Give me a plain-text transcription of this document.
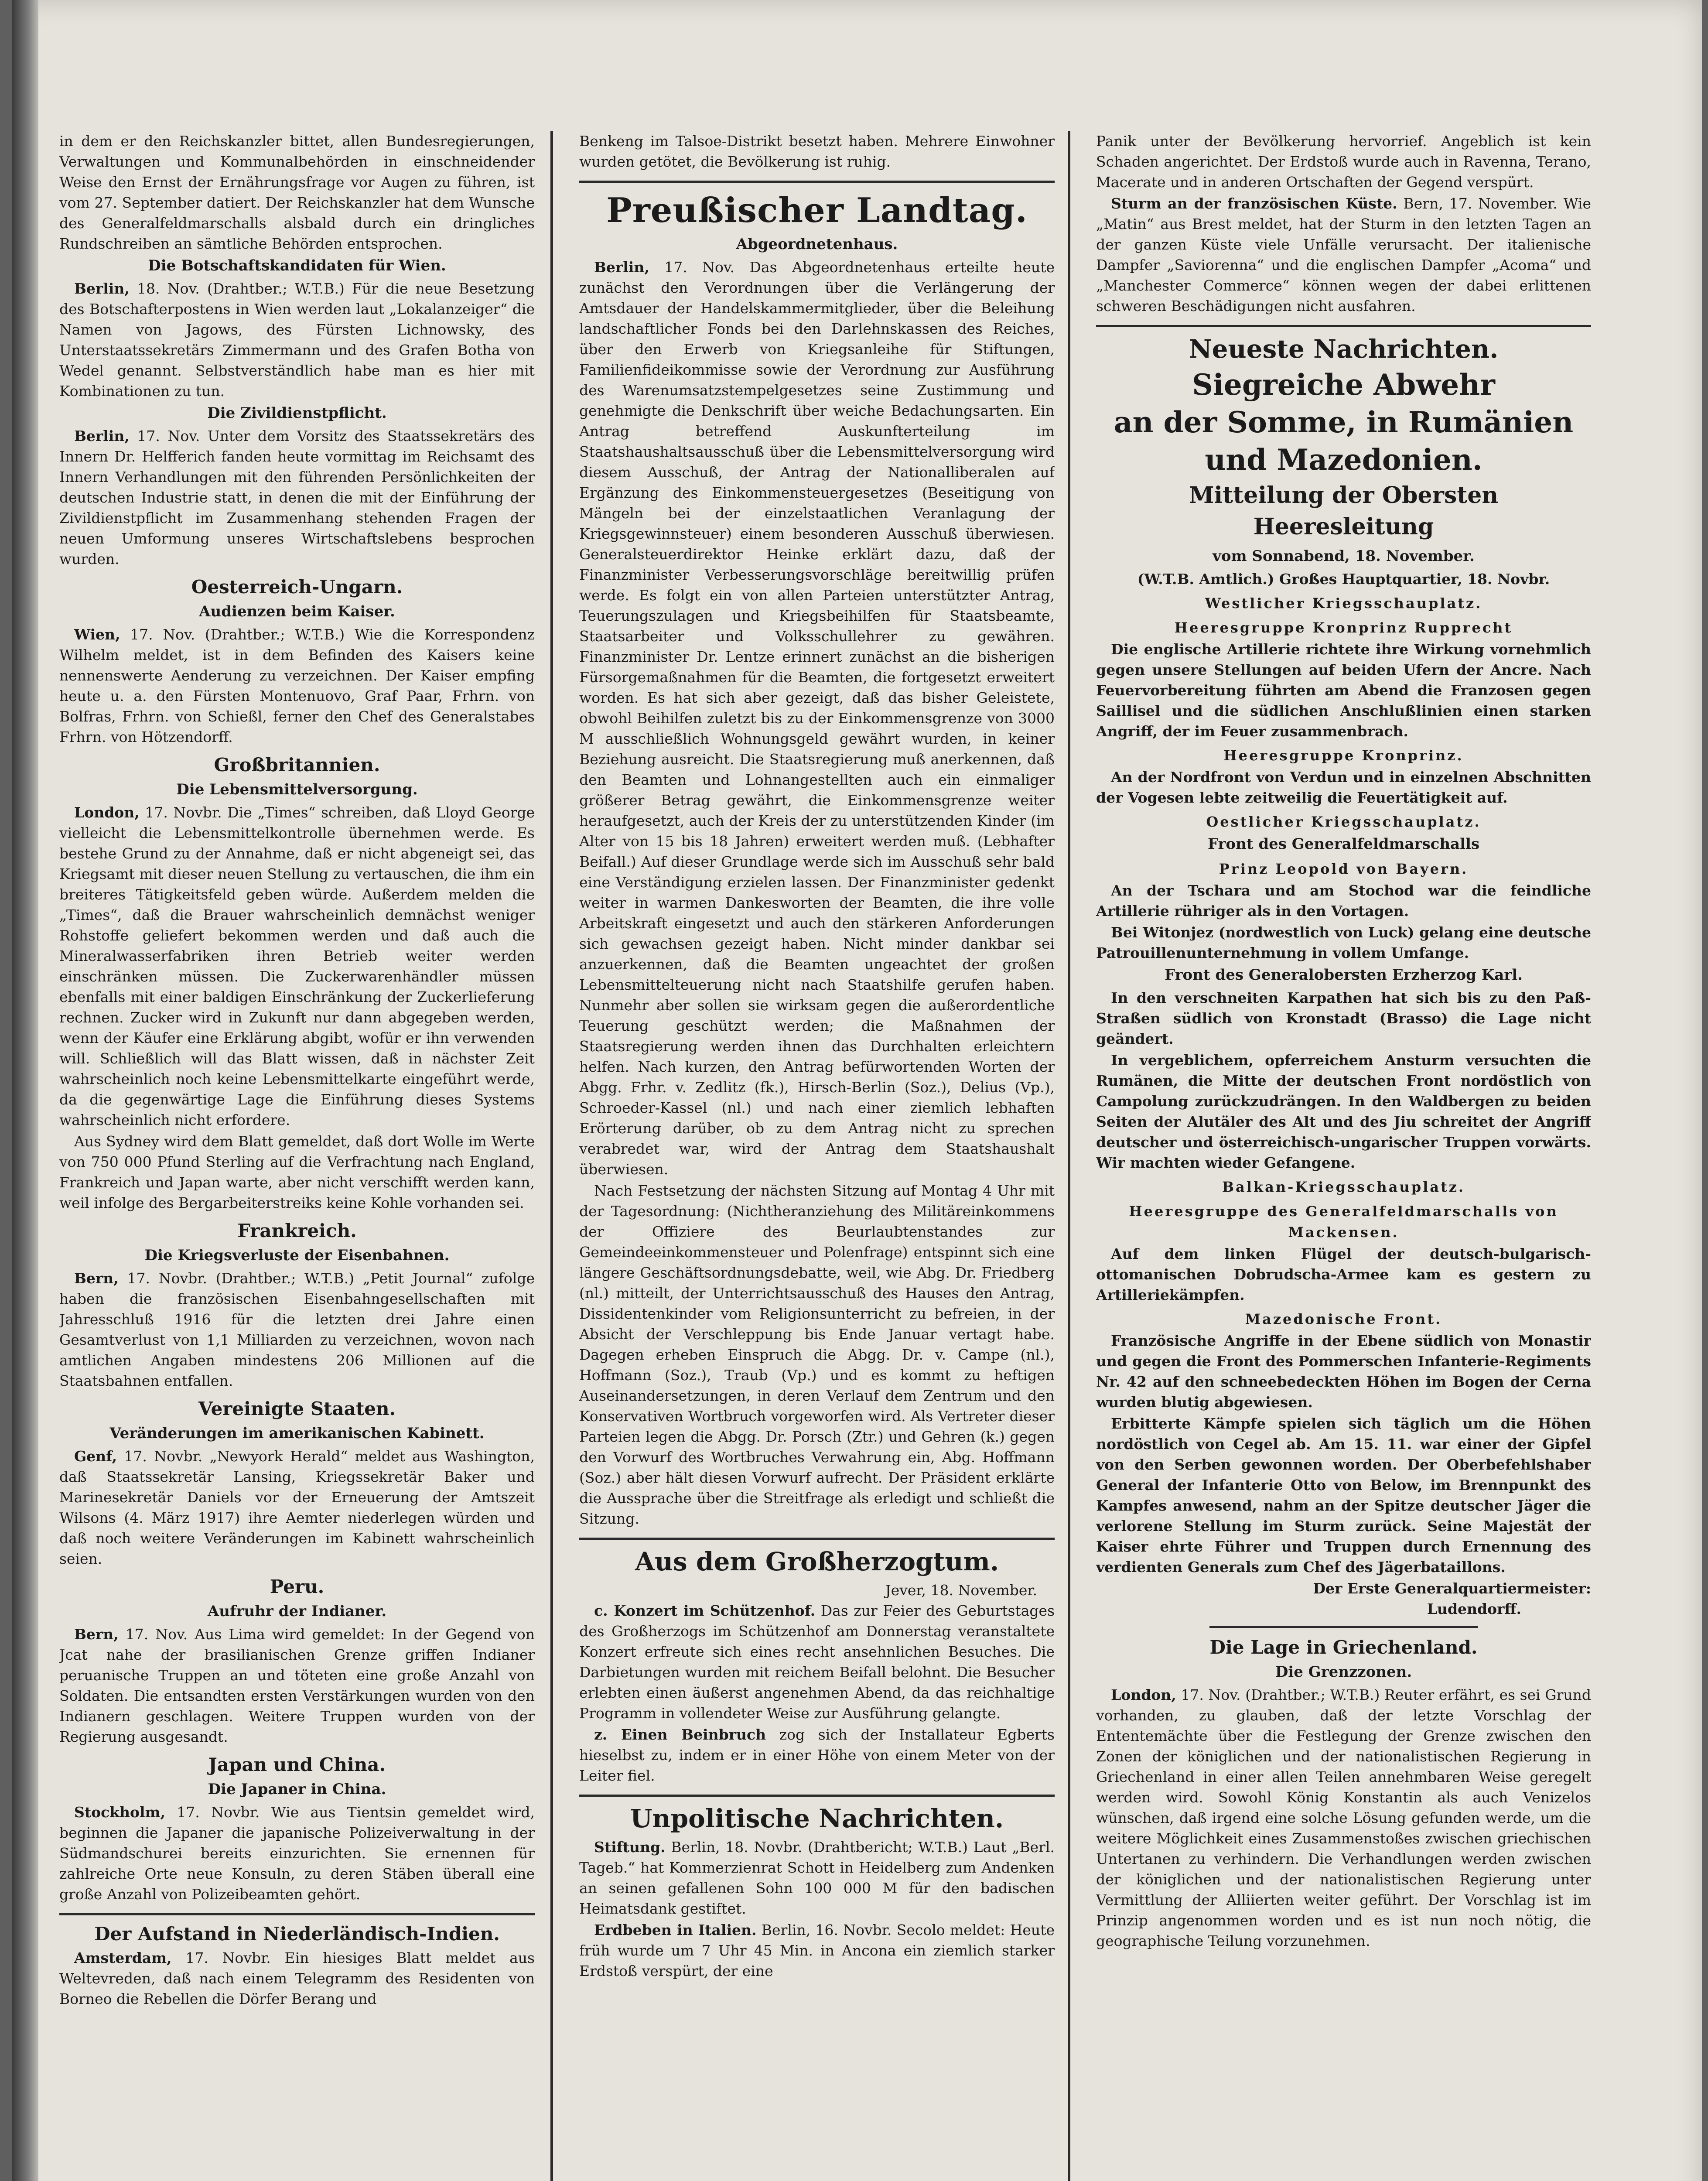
in dem er den Reichskanzler bittet, allen Bundesregierungen, Verwaltungen und Kommunalbehörden in einschneidender Weise den Ernst der Ernährungsfrage vor Augen zu führen, ist vom 27. September datiert. Der Reichskanzler hat dem Wunsche des Generalfeldmarschalls alsbald durch ein dringliches Rundschreiben an sämtliche Behörden entsprochen.

Die Botschaftskandidaten für Wien.

Berlin, 18. Nov. (Drahtber.; W.T.B.) Für die neue Besetzung des Botschafterpostens in Wien werden laut „Lokalanzeiger“ die Namen von Jagows, des Fürsten Lichnowsky, des Unterstaatssekretärs Zimmermann und des Grafen Botha von Wedel genannt. Selbstverständlich habe man es hier mit Kombinationen zu tun.

Die Zivildienstpflicht.

Berlin, 17. Nov. Unter dem Vorsitz des Staatssekretärs des Innern Dr. Helfferich fanden heute vormittag im Reichsamt des Innern Verhandlungen mit den führenden Persönlichkeiten der deutschen Industrie statt, in denen die mit der Einführung der Zivildienstpflicht im Zusammenhang stehenden Fragen der neuen Umformung unseres Wirtschaftslebens besprochen wurden.

Oesterreich-Ungarn.
Audienzen beim Kaiser.

Wien, 17. Nov. (Drahtber.; W.T.B.) Wie die Korrespondenz Wilhelm meldet, ist in dem Befinden des Kaisers keine nennenswerte Aenderung zu verzeichnen. Der Kaiser empfing heute u. a. den Fürsten Montenuovo, Graf Paar, Frhrn. von Bolfras, Frhrn. von Schießl, ferner den Chef des Generalstabes Frhrn. von Hötzendorff.

Großbritannien.
Die Lebensmittelversorgung.

London, 17. Novbr. Die „Times“ schreiben, daß Lloyd George vielleicht die Lebensmittelkontrolle übernehmen werde. Es bestehe Grund zu der Annahme, daß er nicht abgeneigt sei, das Kriegsamt mit dieser neuen Stellung zu vertauschen, die ihm ein breiteres Tätigkeitsfeld geben würde. Außerdem melden die „Times“, daß die Brauer wahrscheinlich demnächst weniger Rohstoffe geliefert bekommen werden und daß auch die Mineralwasserfabriken ihren Betrieb weiter werden einschränken müssen. Die Zuckerwarenhändler müssen ebenfalls mit einer baldigen Einschränkung der Zuckerlieferung rechnen. Zucker wird in Zukunft nur dann abgegeben werden, wenn der Käufer eine Erklärung abgibt, wofür er ihn verwenden will. Schließlich will das Blatt wissen, daß in nächster Zeit wahrscheinlich noch keine Lebensmittelkarte eingeführt werde, da die gegenwärtige Lage die Einführung dieses Systems wahrscheinlich nicht erfordere.

Aus Sydney wird dem Blatt gemeldet, daß dort Wolle im Werte von 750 000 Pfund Sterling auf die Verfrachtung nach England, Frankreich und Japan warte, aber nicht verschifft werden kann, weil infolge des Bergarbeiterstreiks keine Kohle vorhanden sei.

Frankreich.
Die Kriegsverluste der Eisenbahnen.

Bern, 17. Novbr. (Drahtber.; W.T.B.) „Petit Journal“ zufolge haben die französischen Eisenbahngesellschaften mit Jahresschluß 1916 für die letzten drei Jahre einen Gesamtverlust von 1,1 Milliarden zu verzeichnen, wovon nach amtlichen Angaben mindestens 206 Millionen auf die Staatsbahnen entfallen.

Vereinigte Staaten.
Veränderungen im amerikanischen Kabinett.

Genf, 17. Novbr. „Newyork Herald“ meldet aus Washington, daß Staatssekretär Lansing, Kriegssekretär Baker und Marinesekretär Daniels vor der Erneuerung der Amtszeit Wilsons (4. März 1917) ihre Aemter niederlegen würden und daß noch weitere Veränderungen im Kabinett wahrscheinlich seien.

Peru.
Aufruhr der Indianer.

Bern, 17. Nov. Aus Lima wird gemeldet: In der Gegend von Jcat nahe der brasilianischen Grenze griffen Indianer peruanische Truppen an und töteten eine große Anzahl von Soldaten. Die entsandten ersten Verstärkungen wurden von den Indianern geschlagen. Weitere Truppen wurden von der Regierung ausgesandt.

Japan und China.
Die Japaner in China.

Stockholm, 17. Novbr. Wie aus Tientsin gemeldet wird, beginnen die Japaner die japanische Polizeiverwaltung in der Südmandschurei bereits einzurichten. Sie ernennen für zahlreiche Orte neue Konsuln, zu deren Stäben überall eine große Anzahl von Polizeibeamten gehört.

Der Aufstand in Niederländisch-Indien.

Amsterdam, 17. Novbr. Ein hiesiges Blatt meldet aus Weltevreden, daß nach einem Telegramm des Residenten von Borneo die Rebellen die Dörfer Berang und

Benkeng im Talsoe-Distrikt besetzt haben. Mehrere Einwohner wurden getötet, die Bevölkerung ist ruhig.

Preußischer Landtag.
Abgeordnetenhaus.

Berlin, 17. Nov. Das Abgeordnetenhaus erteilte heute zunächst den Verordnungen über die Verlängerung der Amtsdauer der Handelskammermitglieder, über die Beleihung landschaftlicher Fonds bei den Darlehnskassen des Reiches, über den Erwerb von Kriegsanleihe für Stiftungen, Familienfideikommisse sowie der Verordnung zur Ausführung des Warenumsatzstempelgesetzes seine Zustimmung und genehmigte die Denkschrift über weiche Bedachungsarten. Ein Antrag betreffend Auskunfterteilung im Staatshaushaltsausschuß über die Lebensmittelversorgung wird diesem Ausschuß, der Antrag der Nationalliberalen auf Ergänzung des Einkommensteuergesetzes (Beseitigung von Mängeln bei der einzelstaatlichen Veranlagung der Kriegsgewinnsteuer) einem besonderen Ausschuß überwiesen. Generalsteuerdirektor Heinke erklärt dazu, daß der Finanzminister Verbesserungsvorschläge bereitwillig prüfen werde. Es folgt ein von allen Parteien unterstützter Antrag, Teuerungszulagen und Kriegsbeihilfen für Staatsbeamte, Staatsarbeiter und Volksschullehrer zu gewähren. Finanzminister Dr. Lentze erinnert zunächst an die bisherigen Fürsorgemaßnahmen für die Beamten, die fortgesetzt erweitert worden. Es hat sich aber gezeigt, daß das bisher Geleistete, obwohl Beihilfen zuletzt bis zu der Einkommensgrenze von 3000 M ausschließlich Wohnungsgeld gewährt wurden, in keiner Beziehung ausreicht. Die Staatsregierung muß anerkennen, daß den Beamten und Lohnangestellten auch ein einmaliger größerer Betrag gewährt, die Einkommensgrenze weiter heraufgesetzt, auch der Kreis der zu unterstützenden Kinder (im Alter von 15 bis 18 Jahren) erweitert werden muß. (Lebhafter Beifall.) Auf dieser Grundlage werde sich im Ausschuß sehr bald eine Verständigung erzielen lassen. Der Finanzminister gedenkt weiter in warmen Dankesworten der Beamten, die ihre volle Arbeitskraft eingesetzt und auch den stärkeren Anforderungen sich gewachsen gezeigt haben. Nicht minder dankbar sei anzuerkennen, daß die Beamten ungeachtet der großen Lebensmittelteuerung nicht nach Staatshilfe gerufen haben. Nunmehr aber sollen sie wirksam gegen die außerordentliche Teuerung geschützt werden; die Maßnahmen der Staatsregierung werden ihnen das Durchhalten erleichtern helfen. Nach kurzen, den Antrag befürwortenden Worten der Abgg. Frhr. v. Zedlitz (fk.), Hirsch-Berlin (Soz.), Delius (Vp.), Schroeder-Kassel (nl.) und nach einer ziemlich lebhaften Erörterung darüber, ob zu dem Antrag nicht zu sprechen verabredet war, wird der Antrag dem Staatshaushalt überwiesen.

Nach Festsetzung der nächsten Sitzung auf Montag 4 Uhr mit der Tagesordnung: (Nichtheranziehung des Militäreinkommens der Offiziere des Beurlaubtenstandes zur Gemeindeeinkommensteuer und Polenfrage) entspinnt sich eine längere Geschäftsordnungsdebatte, weil, wie Abg. Dr. Friedberg (nl.) mitteilt, der Unterrichtsausschuß des Hauses den Antrag, Dissidentenkinder vom Religionsunterricht zu befreien, in der Absicht der Verschleppung bis Ende Januar vertagt habe. Dagegen erheben Einspruch die Abgg. Dr. v. Campe (nl.), Hoffmann (Soz.), Traub (Vp.) und es kommt zu heftigen Auseinandersetzungen, in deren Verlauf dem Zentrum und den Konservativen Wortbruch vorgeworfen wird. Als Vertreter dieser Parteien legen die Abgg. Dr. Porsch (Ztr.) und Gehren (k.) gegen den Vorwurf des Wortbruches Verwahrung ein, Abg. Hoffmann (Soz.) aber hält diesen Vorwurf aufrecht. Der Präsident erklärte die Aussprache über die Streitfrage als erledigt und schließt die Sitzung.

Aus dem Großherzogtum.
Jever, 18. November.

c. Konzert im Schützenhof. Das zur Feier des Geburtstages des Großherzogs im Schützenhof am Donnerstag veranstaltete Konzert erfreute sich eines recht ansehnlichen Besuches. Die Darbietungen wurden mit reichem Beifall belohnt. Die Besucher erlebten einen äußerst angenehmen Abend, da das reichhaltige Programm in vollendeter Weise zur Ausführung gelangte.

z. Einen Beinbruch zog sich der Installateur Egberts hieselbst zu, indem er in einer Höhe von einem Meter von der Leiter fiel.

Unpolitische Nachrichten.

Stiftung. Berlin, 18. Novbr. (Drahtbericht; W.T.B.) Laut „Berl. Tageb.“ hat Kommerzienrat Schott in Heidelberg zum Andenken an seinen gefallenen Sohn 100 000 M für den badischen Heimatsdank gestiftet.

Erdbeben in Italien. Berlin, 16. Novbr. Secolo meldet: Heute früh wurde um 7 Uhr 45 Min. in Ancona ein ziemlich starker Erdstoß verspürt, der eine

Panik unter der Bevölkerung hervorrief. Angeblich ist kein Schaden angerichtet. Der Erdstoß wurde auch in Ravenna, Terano, Macerate und in anderen Ortschaften der Gegend verspürt.

Sturm an der französischen Küste. Bern, 17. November. Wie „Matin“ aus Brest meldet, hat der Sturm in den letzten Tagen an der ganzen Küste viele Unfälle verursacht. Der italienische Dampfer „Saviorenna“ und die englischen Dampfer „Acoma“ und „Manchester Commerce“ können wegen der dabei erlittenen schweren Beschädigungen nicht ausfahren.

Neueste Nachrichten.
Siegreiche Abwehr
an der Somme, in Rumänien
und Mazedonien.
Mitteilung der Obersten Heeresleitung
vom Sonnabend, 18. November.
(W.T.B. Amtlich.) Großes Hauptquartier, 18. Novbr.
Westlicher Kriegsschauplatz.
Heeresgruppe Kronprinz Rupprecht

Die englische Artillerie richtete ihre Wirkung vornehmlich gegen unsere Stellungen auf beiden Ufern der Ancre. Nach Feuervorbereitung führten am Abend die Franzosen gegen Saillisel und die südlichen Anschlußlinien einen starken Angriff, der im Feuer zusammenbrach.

Heeresgruppe Kronprinz.

An der Nordfront von Verdun und in einzelnen Abschnitten der Vogesen lebte zeitweilig die Feuertätigkeit auf.

Oestlicher Kriegsschauplatz.
Front des Generalfeldmarschalls
Prinz Leopold von Bayern.

An der Tschara und am Stochod war die feindliche Artillerie rühriger als in den Vortagen.

Bei Witonjez (nordwestlich von Luck) gelang eine deutsche Patrouillenunternehmung in vollem Umfange.

Front des Generalobersten Erzherzog Karl.

In den verschneiten Karpathen hat sich bis zu den Paß-Straßen südlich von Kronstadt (Brasso) die Lage nicht geändert.

In vergeblichem, opferreichem Ansturm versuchten die Rumänen, die Mitte der deutschen Front nordöstlich von Campolung zurückzudrängen. In den Waldbergen zu beiden Seiten der Alutäler des Alt und des Jiu schreitet der Angriff deutscher und österreichisch-ungarischer Truppen vorwärts. Wir machten wieder Gefangene.

Balkan-Kriegsschauplatz.
Heeresgruppe des Generalfeldmarschalls von Mackensen.

Auf dem linken Flügel der deutsch-bulgarisch-ottomanischen Dobrudscha-Armee kam es gestern zu Artilleriekämpfen.

Mazedonische Front.

Französische Angriffe in der Ebene südlich von Monastir und gegen die Front des Pommerschen Infanterie-Regiments Nr. 42 auf den schneebedeckten Höhen im Bogen der Cerna wurden blutig abgewiesen.

Erbitterte Kämpfe spielen sich täglich um die Höhen nordöstlich von Cegel ab. Am 15. 11. war einer der Gipfel von den Serben gewonnen worden. Der Oberbefehlshaber General der Infanterie Otto von Below, im Brennpunkt des Kampfes anwesend, nahm an der Spitze deutscher Jäger die verlorene Stellung im Sturm zurück. Seine Majestät der Kaiser ehrte Führer und Truppen durch Ernennung des verdienten Generals zum Chef des Jägerbataillons.

Der Erste Generalquartiermeister:
Ludendorff.
Die Lage in Griechenland.
Die Grenzzonen.

London, 17. Nov. (Drahtber.; W.T.B.) Reuter erfährt, es sei Grund vorhanden, zu glauben, daß der letzte Vorschlag der Ententemächte über die Festlegung der Grenze zwischen den Zonen der königlichen und der nationalistischen Regierung in Griechenland in einer allen Teilen annehmbaren Weise geregelt werden wird. Sowohl König Konstantin als auch Venizelos wünschen, daß irgend eine solche Lösung gefunden werde, um die weitere Möglichkeit eines Zusammenstoßes zwischen griechischen Untertanen zu verhindern. Die Verhandlungen werden zwischen der königlichen und der nationalistischen Regierung unter Vermittlung der Alliierten weiter geführt. Der Vorschlag ist im Prinzip angenommen worden und es ist nun noch nötig, die geographische Teilung vorzunehmen.
